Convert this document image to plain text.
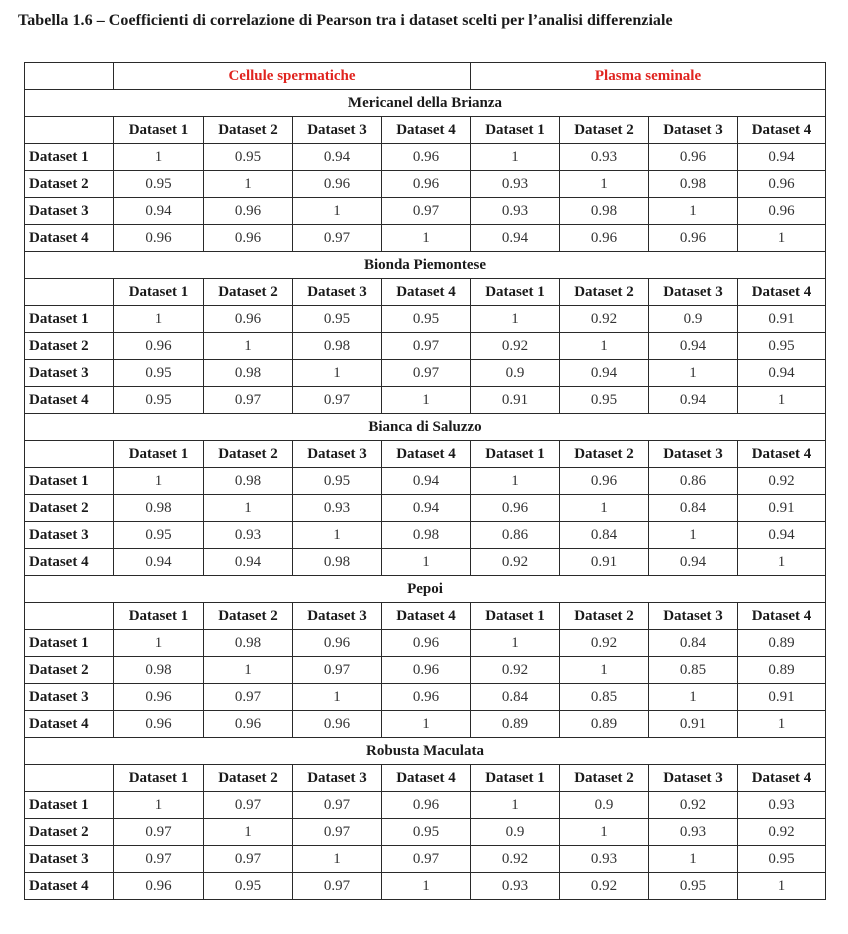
Tabella 1.6 – Coefficienti di correlazione di Pearson tra i dataset scelti per l’analisi differenziale
	Cellule spermatiche				Plasma seminale			
Mericanel della Brianza								
	Dataset 1	Dataset 2	Dataset 3	Dataset 4	Dataset 1	Dataset 2	Dataset 3	Dataset 4
Dataset 1	1	0.95	0.94	0.96	1	0.93	0.96	0.94
Dataset 2	0.95	1	0.96	0.96	0.93	1	0.98	0.96
Dataset 3	0.94	0.96	1	0.97	0.93	0.98	1	0.96
Dataset 4	0.96	0.96	0.97	1	0.94	0.96	0.96	1
Bionda Piemontese								
	Dataset 1	Dataset 2	Dataset 3	Dataset 4	Dataset 1	Dataset 2	Dataset 3	Dataset 4
Dataset 1	1	0.96	0.95	0.95	1	0.92	0.9	0.91
Dataset 2	0.96	1	0.98	0.97	0.92	1	0.94	0.95
Dataset 3	0.95	0.98	1	0.97	0.9	0.94	1	0.94
Dataset 4	0.95	0.97	0.97	1	0.91	0.95	0.94	1
Bianca di Saluzzo								
	Dataset 1	Dataset 2	Dataset 3	Dataset 4	Dataset 1	Dataset 2	Dataset 3	Dataset 4
Dataset 1	1	0.98	0.95	0.94	1	0.96	0.86	0.92
Dataset 2	0.98	1	0.93	0.94	0.96	1	0.84	0.91
Dataset 3	0.95	0.93	1	0.98	0.86	0.84	1	0.94
Dataset 4	0.94	0.94	0.98	1	0.92	0.91	0.94	1
Pepoi								
	Dataset 1	Dataset 2	Dataset 3	Dataset 4	Dataset 1	Dataset 2	Dataset 3	Dataset 4
Dataset 1	1	0.98	0.96	0.96	1	0.92	0.84	0.89
Dataset 2	0.98	1	0.97	0.96	0.92	1	0.85	0.89
Dataset 3	0.96	0.97	1	0.96	0.84	0.85	1	0.91
Dataset 4	0.96	0.96	0.96	1	0.89	0.89	0.91	1
Robusta Maculata								
	Dataset 1	Dataset 2	Dataset 3	Dataset 4	Dataset 1	Dataset 2	Dataset 3	Dataset 4
Dataset 1	1	0.97	0.97	0.96	1	0.9	0.92	0.93
Dataset 2	0.97	1	0.97	0.95	0.9	1	0.93	0.92
Dataset 3	0.97	0.97	1	0.97	0.92	0.93	1	0.95
Dataset 4	0.96	0.95	0.97	1	0.93	0.92	0.95	1
